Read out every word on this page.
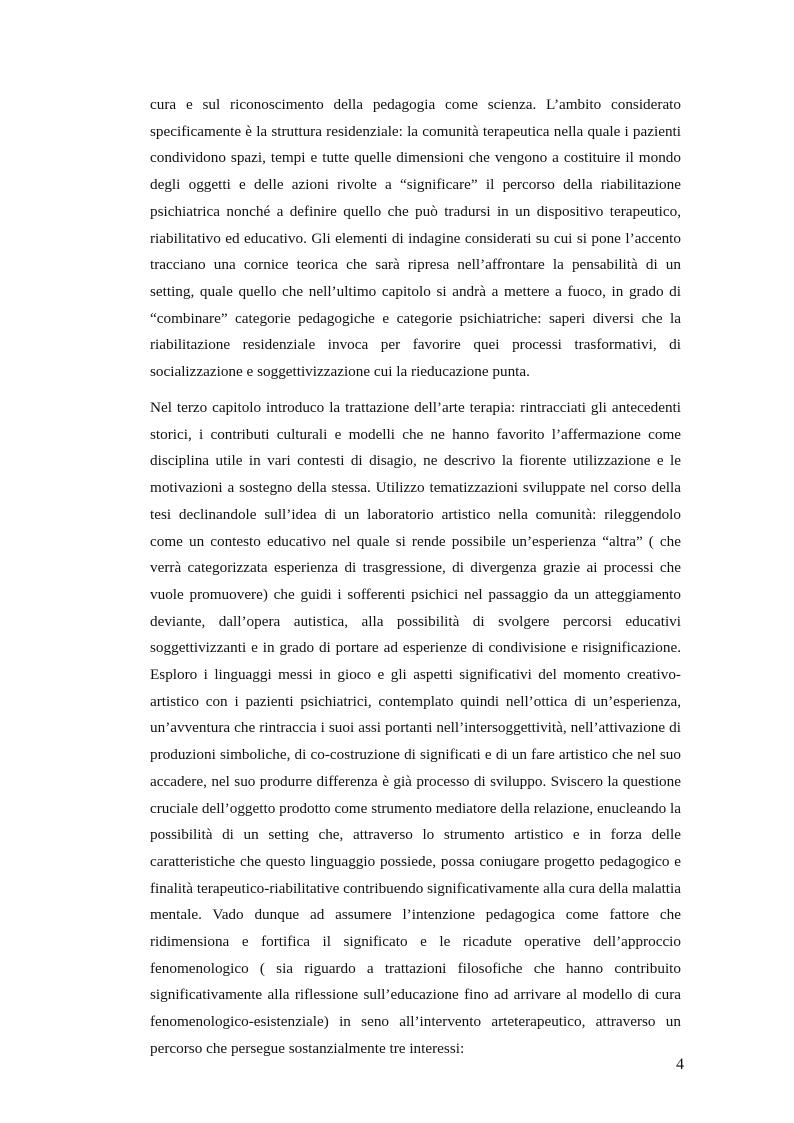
cura e sul riconoscimento della pedagogia come scienza. L’ambito considerato specificamente è la struttura residenziale: la comunità terapeutica nella quale i pazienti condividono spazi, tempi e tutte quelle dimensioni che vengono a costituire il mondo degli oggetti e delle azioni rivolte a “significare” il percorso della riabilitazione psichiatrica nonché a definire quello che può tradursi in un dispositivo terapeutico, riabilitativo ed educativo. Gli elementi di indagine considerati su cui si pone l’accento tracciano una cornice teorica che sarà ripresa nell’affrontare la pensabilità di un setting, quale quello che nell’ultimo capitolo si andrà a mettere a fuoco, in grado di “combinare” categorie pedagogiche e categorie psichiatriche: saperi diversi che la riabilitazione residenziale invoca per favorire quei processi trasformativi, di socializzazione e soggettivizzazione cui la rieducazione punta.

Nel terzo capitolo introduco la trattazione dell’arte terapia: rintracciati gli antecedenti storici, i contributi culturali e modelli che ne hanno favorito l’affermazione come disciplina utile in vari contesti di disagio, ne descrivo la fiorente utilizzazione e le motivazioni a sostegno della stessa. Utilizzo tematizzazioni sviluppate nel corso della tesi declinandole sull’idea di un laboratorio artistico nella comunità: rileggendolo come un contesto educativo nel quale si rende possibile un’esperienza “altra” ( che verrà categorizzata esperienza di trasgressione, di divergenza grazie ai processi che vuole promuovere) che guidi i sofferenti psichici nel passaggio da un atteggiamento deviante, dall’opera autistica, alla possibilità di svolgere percorsi educativi soggettivizzanti e in grado di portare ad esperienze di condivisione e risignificazione. Esploro i linguaggi messi in gioco e gli aspetti significativi del momento creativo-artistico con i pazienti psichiatrici, contemplato quindi nell’ottica di un’esperienza, un’avventura che rintraccia i suoi assi portanti nell’intersoggettività, nell’attivazione di produzioni simboliche, di co-costruzione di significati e di un fare artistico che nel suo accadere, nel suo produrre differenza è già processo di sviluppo. Sviscero la questione cruciale dell’oggetto prodotto come strumento mediatore della relazione, enucleando la possibilità di un setting che, attraverso lo strumento artistico e in forza delle caratteristiche che questo linguaggio possiede, possa coniugare progetto pedagogico e finalità terapeutico-riabilitative contribuendo significativamente alla cura della malattia mentale. Vado dunque ad assumere l’intenzione pedagogica come fattore che ridimensiona e fortifica il significato e le ricadute operative dell’approccio fenomenologico ( sia riguardo a trattazioni filosofiche che hanno contribuito significativamente alla riflessione sull’educazione fino ad arrivare al modello di cura fenomenologico-esistenziale) in seno all’intervento arteterapeutico, attraverso un percorso che persegue sostanzialmente tre interessi:

4
